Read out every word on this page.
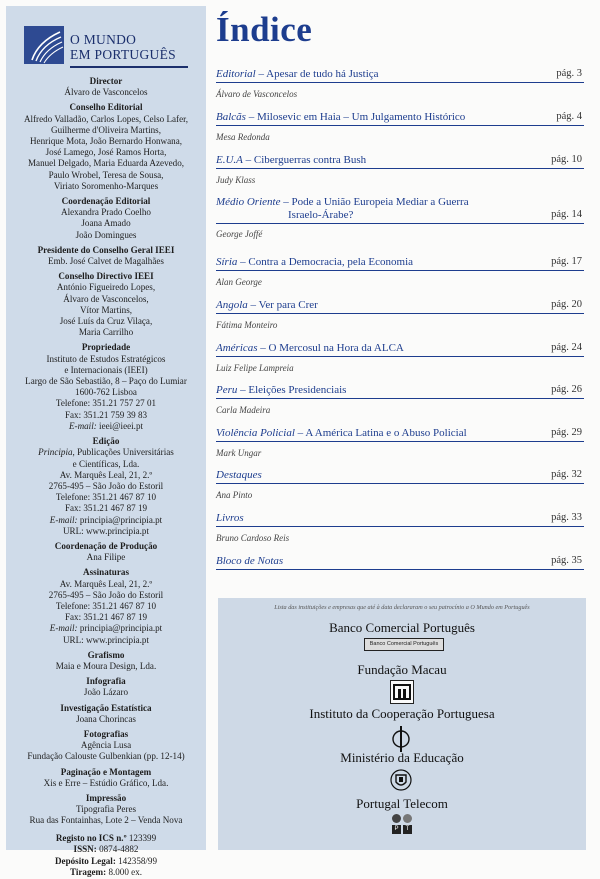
O MUNDO
EM PORTUGUÊS
Director
Álvaro de Vasconcelos
Conselho Editorial
Alfredo Valladão, Carlos Lopes, Celso Lafer,
Guilherme d'Oliveira Martins,
Henrique Mota, João Bernardo Honwana,
José Lamego, José Ramos Horta,
Manuel Delgado, Maria Eduarda Azevedo,
Paulo Wrobel, Teresa de Sousa,
Viriato Soromenho-Marques
Coordenação Editorial
Alexandra Prado Coelho
Joana Amado
João Domingues
Presidente do Conselho Geral IEEI
Emb. José Calvet de Magalhães
Conselho Directivo IEEI
António Figueiredo Lopes,
Álvaro de Vasconcelos,
Vítor Martins,
José Luís da Cruz Vilaça,
Maria Carrilho
Propriedade
Instituto de Estudos Estratégicos
e Internacionais (IEEI)
Largo de São Sebastião, 8 – Paço do Lumiar
1600-762 Lisboa
Telefone: 351.21 757 27 01
Fax: 351.21 759 39 83
E-mail: ieei@ieei.pt
Edição
Principia, Publicações Universitárias
e Científicas, Lda.
Av. Marquês Leal, 21, 2.º
2765-495 – São João do Estoril
Telefone: 351.21 467 87 10
Fax: 351.21 467 87 19
E-mail: principia@principia.pt
URL: www.principia.pt
Coordenação de Produção
Ana Filipe
Assinaturas
Av. Marquês Leal, 21, 2.º
2765-495 – São João do Estoril
Telefone: 351.21 467 87 10
Fax: 351.21 467 87 19
E-mail: principia@principia.pt
URL: www.principia.pt
Grafismo
Maia e Moura Design, Lda.
Infografia
João Lázaro
Investigação Estatística
Joana Chorincas
Fotografias
Agência Lusa
Fundação Calouste Gulbenkian (pp. 12-14)
Paginação e Montagem
Xis e Erre – Estúdio Gráfico, Lda.
Impressão
Tipografia Peres
Rua das Fontainhas, Lote 2 – Venda Nova
Registo no ICS n.º 123399
ISSN: 0874-4882
Depósito Legal: 142358/99
Tiragem: 8.000 ex.
Índice
Editorial – Apesar de tudo há Justiça	pág. 3
Álvaro de Vasconcelos
Balcãs – Milosevic em Haia – Um Julgamento Histórico	pág. 4
Mesa Redonda
E.U.A – Ciberguerras contra Bush	pág. 10
Judy Klass
Médio Oriente – Pode a União Europeia Mediar a Guerra
Israelo-Árabe?	pág. 14
George Joffé
Síria – Contra a Democracia, pela Economia	pág. 17
Alan George
Angola – Ver para Crer	pág. 20
Fátima Monteiro
Américas – O Mercosul na Hora da ALCA	pág. 24
Luiz Felipe Lampreia
Peru – Eleições Presidenciais	pág. 26
Carla Madeira
Violência Policial – A América Latina e o Abuso Policial	pág. 29
Mark Ungar
Destaques	pág. 32
Ana Pinto
Livros	pág. 33
Bruno Cardoso Reis
Bloco de Notas	pág. 35
Lista das instituições e empresas que até à data declararam o seu patrocínio a O Mundo em Português
Banco Comercial Português
Banco Comercial Português
Fundação Macau
Instituto da Cooperação Portuguesa
Ministério da Educação
Portugal Telecom
P	T
